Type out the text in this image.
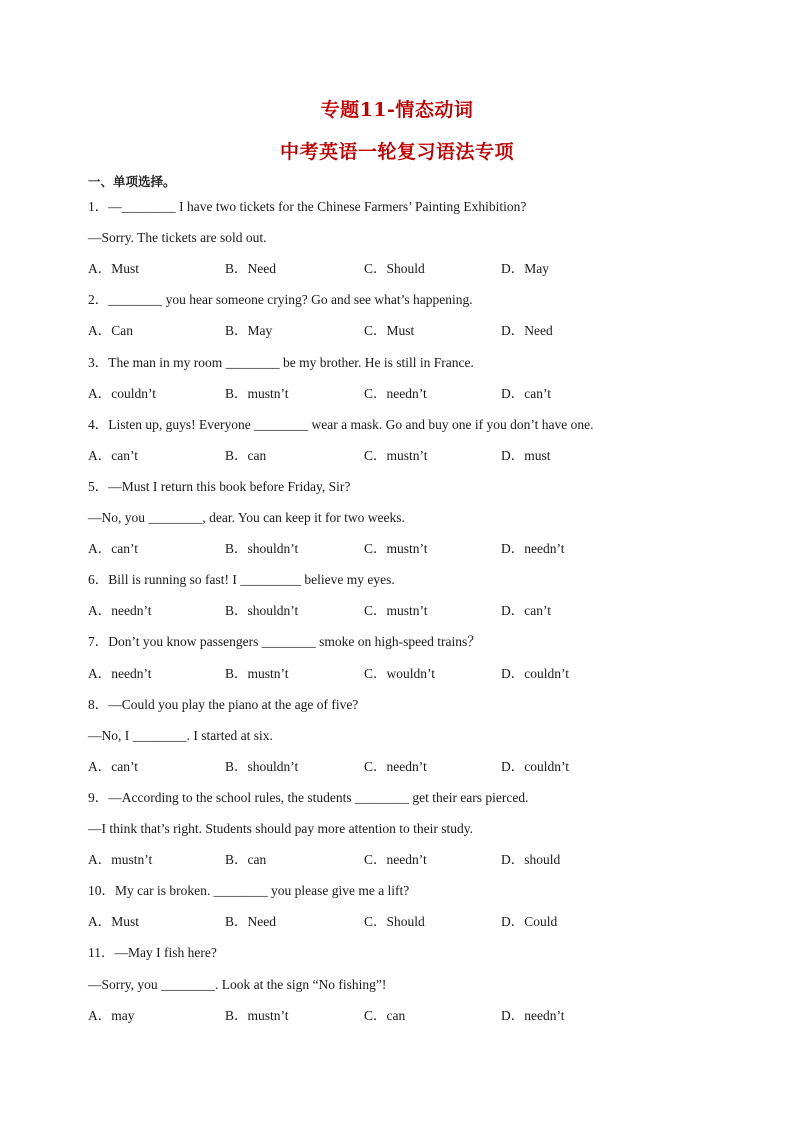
专题11-情态动词
中考英语一轮复习语法专项
一、单项选择。
1．—________ I have two tickets for the Chinese Farmers’ Painting Exhibition?
—Sorry. The tickets are sold out.
A．Must	B．Need	C．Should	D．May
2．________ you hear someone crying? Go and see what’s happening.
A．Can	B．May	C．Must	D．Need
3．The man in my room ________ be my brother. He is still in France.
A．couldn’t	B．mustn’t	C．needn’t	D．can’t
4．Listen up, guys! Everyone ________ wear a mask. Go and buy one if you don’t have one.
A．can’t	B．can	C．mustn’t	D．must
5．—Must I return this book before Friday, Sir?
—No, you ________, dear. You can keep it for two weeks.
A．can’t	B．shouldn’t	C．mustn’t	D．needn’t
6．Bill is running so fast! I _________ believe my eyes.
A．needn’t	B．shouldn’t	C．mustn’t	D．can’t
7．Don’t you know passengers ________ smoke on high-speed trains？
A．needn’t	B．mustn’t	C．wouldn’t	D．couldn’t
8．—Could you play the piano at the age of five?
—No, I ________. I started at six.
A．can’t	B．shouldn’t	C．needn’t	D．couldn’t
9．—According to the school rules, the students ________ get their ears pierced.
—I think that’s right. Students should pay more attention to their study.
A．mustn’t	B．can	C．needn’t	D．should
10．My car is broken. ________ you please give me a lift?
A．Must	B．Need	C．Should	D．Could
11．—May I fish here?
—Sorry, you ________. Look at the sign “No fishing”!
A．may	B．mustn’t	C．can	D．needn’t
